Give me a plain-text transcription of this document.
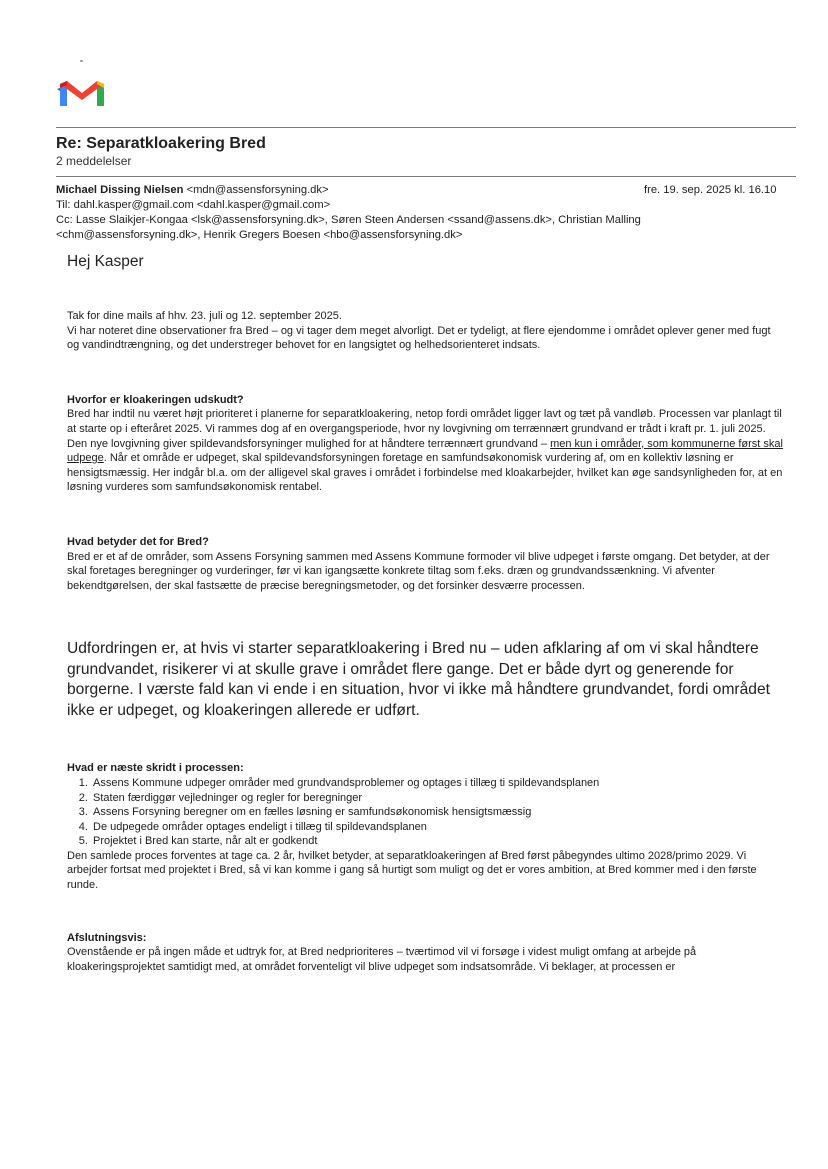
Re: Separatkloakering Bred
2 meddelelser
Michael Dissing Nielsen <mdn@assensforsyning.dk>	fre. 19. sep. 2025 kl. 16.10
Til: dahl.kasper@gmail.com <dahl.kasper@gmail.com>
Cc: Lasse Slaikjer-Kongaa <lsk@assensforsyning.dk>, Søren Steen Andersen <ssand@assens.dk>, Christian Malling
<chm@assensforsyning.dk>, Henrik Gregers Boesen <hbo@assensforsyning.dk>
Hej Kasper

Tak for dine mails af hhv. 23. juli og 12. september 2025.

Vi har noteret dine observationer fra Bred – og vi tager dem meget alvorligt. Det er tydeligt, at flere ejendomme i området oplever gener med fugt og vandindtrængning, og det understreger behovet for en langsigtet og helhedsorienteret indsats.

Hvorfor er kloakeringen udskudt?

Bred har indtil nu været højt prioriteret i planerne for separatkloakering, netop fordi området ligger lavt og tæt på vandløb. Processen var planlagt til at starte op i efteråret 2025. Vi rammes dog af en overgangsperiode, hvor ny lovgivning om terrænnært grundvand er trådt i kraft pr. 1. juli 2025.

Den nye lovgivning giver spildevandsforsyninger mulighed for at håndtere terrænnært grundvand – men kun i områder, som kommunerne først skal udpege. Når et område er udpeget, skal spildevandsforsyningen foretage en samfundsøkonomisk vurdering af, om en kollektiv løsning er hensigtsmæssig. Her indgår bl.a. om der alligevel skal graves i området i forbindelse med kloakarbejder, hvilket kan øge sandsynligheden for, at en løsning vurderes som samfundsøkonomisk rentabel.

Hvad betyder det for Bred?

Bred er et af de områder, som Assens Forsyning sammen med Assens Kommune formoder vil blive udpeget i første omgang. Det betyder, at der skal foretages beregninger og vurderinger, før vi kan igangsætte konkrete tiltag som f.eks. dræn og grundvandssænkning. Vi afventer bekendtgørelsen, der skal fastsætte de præcise beregningsmetoder, og det forsinker desværre processen.

Udfordringen er, at hvis vi starter separatkloakering i Bred nu – uden afklaring af om vi skal håndtere grundvandet, risikerer vi at skulle grave i området flere gange. Det er både dyrt og generende for borgerne. I værste fald kan vi ende i en situation, hvor vi ikke må håndtere grundvandet, fordi området ikke er udpeget, og kloakeringen allerede er udført.

Hvad er næste skridt i processen:
1. Assens Kommune udpeger områder med grundvandsproblemer og optages i tillæg ti spildevandsplanen
2. Staten færdiggør vejledninger og regler for beregninger
3. Assens Forsyning beregner om en fælles løsning er samfundsøkonomisk hensigtsmæssig
4. De udpegede områder optages endeligt i tillæg til spildevandsplanen
5. Projektet i Bred kan starte, når alt er godkendt

Den samlede proces forventes at tage ca. 2 år, hvilket betyder, at separatkloakeringen af Bred først påbegyndes ultimo 2028/primo 2029. Vi arbejder fortsat med projektet i Bred, så vi kan komme i gang så hurtigt som muligt og det er vores ambition, at Bred kommer med i den første runde.

Afslutningsvis:

Ovenstående er på ingen måde et udtryk for, at Bred nedprioriteres – tværtimod vil vi forsøge i videst muligt omfang at arbejde på kloakeringsprojektet samtidigt med, at området forventeligt vil blive udpeget som indsatsområde. Vi beklager, at processen er
